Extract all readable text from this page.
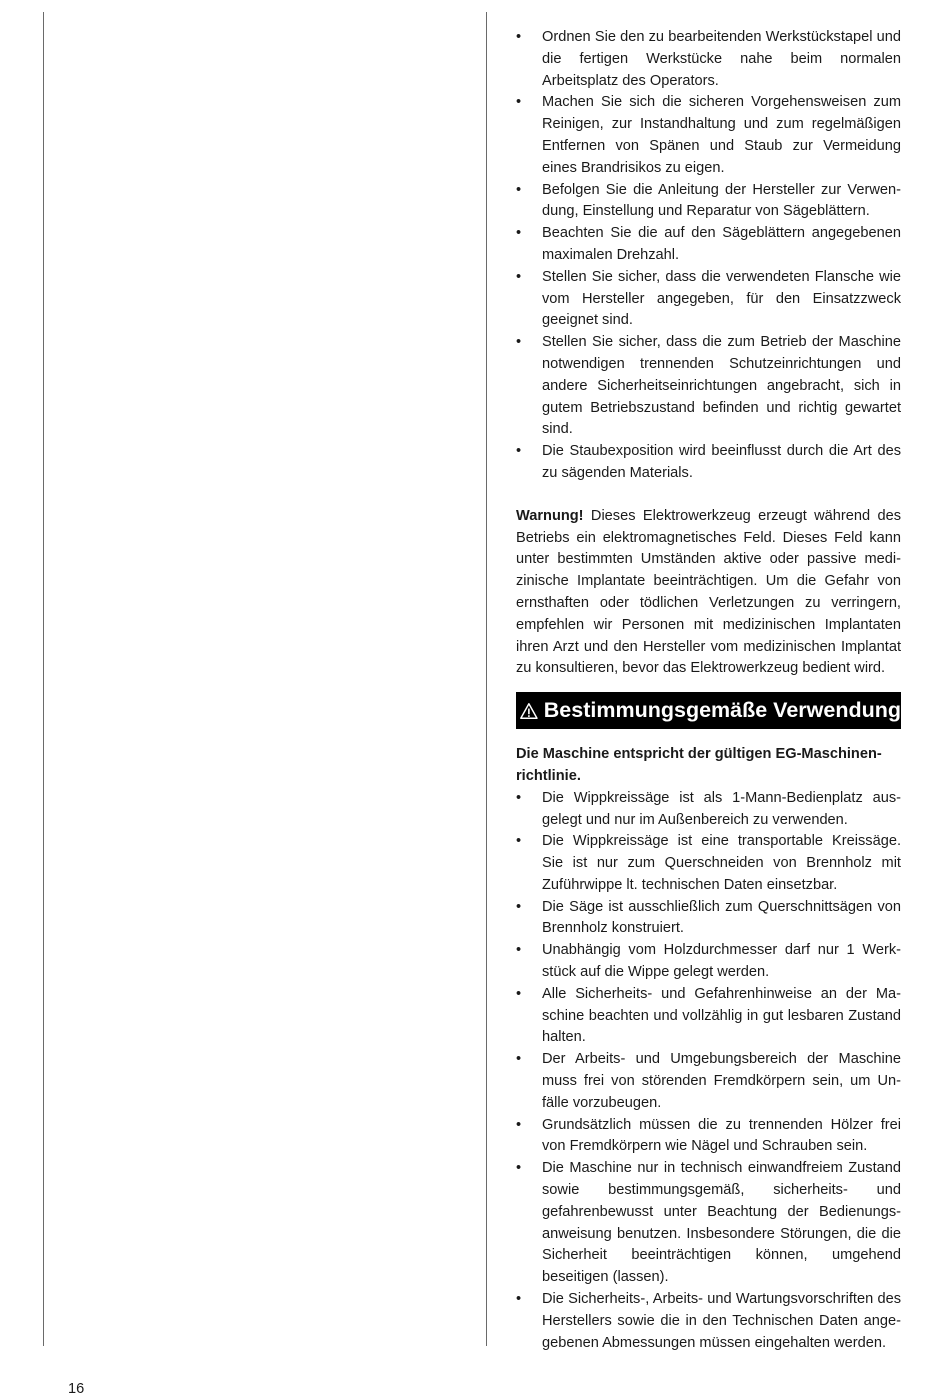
• Ordnen Sie den zu bearbeitenden Werkstückstapel und die fertigen Werkstücke nahe beim normalen Arbeitsplatz des Operators.
• Machen Sie sich die sicheren Vorgehensweisen zum Reinigen, zur Instandhaltung und zum regelmäßigen Entfernen von Spänen und Staub zur Vermeidung eines Brandrisikos zu eigen.
• Befolgen Sie die Anleitung der Hersteller zur Verwendung, Einstellung und Reparatur von Sägeblättern.
• Beachten Sie die auf den Sägeblättern angegebenen maximalen Drehzahl.
• Stellen Sie sicher, dass die verwendeten Flansche wie vom Hersteller angegeben, für den Einsatzzweck geeignet sind.
• Stellen Sie sicher, dass die zum Betrieb der Maschine notwendigen trennenden Schutzeinrichtungen und andere Sicherheitseinrichtungen angebracht, sich in gutem Betriebszustand befinden und richtig gewartet sind.
• Die Staubexposition wird beeinflusst durch die Art des zu sägenden Materials.

Warnung! Dieses Elektrowerkzeug erzeugt während des Betriebs ein elektromagnetisches Feld. Dieses Feld kann unter bestimmten Umständen aktive oder passive medizinische Implantate beeinträchtigen. Um die Gefahr von ernsthaften oder tödlichen Verletzungen zu verringern, empfehlen wir Personen mit medizinischen Implantaten ihren Arzt und den Hersteller vom medizinischen Implantat zu konsultieren, bevor das Elektrowerkzeug bedient wird.

Bestimmungsgemäße Verwendung
Die Maschine entspricht der gültigen EG-Maschinenrichtlinie.
• Die Wippkreissäge ist als 1-Mann-Bedienplatz ausgelegt und nur im Außenbereich zu verwenden.
• Die Wippkreissäge ist eine transportable Kreissäge. Sie ist nur zum Querschneiden von Brennholz mit Zuführwippe lt. technischen Daten einsetzbar.
• Die Säge ist ausschließlich zum Querschnittsägen von Brennholz konstruiert.
• Unabhängig vom Holzdurchmesser darf nur 1 Werkstück auf die Wippe gelegt werden.
• Alle Sicherheits- und Gefahrenhinweise an der Maschine beachten und vollzählig in gut lesbaren Zustand halten.
• Der Arbeits- und Umgebungsbereich der Maschine muss frei von störenden Fremdkörpern sein, um Unfälle vorzubeugen.
• Grundsätzlich müssen die zu trennenden Hölzer frei von Fremdkörpern wie Nägel und Schrauben sein.
• Die Maschine nur in technisch einwandfreiem Zustand sowie bestimmungsgemäß, sicherheits- und gefahrenbewusst unter Beachtung der Bedienungsanweisung benutzen. Insbesondere Störungen, die die Sicherheit beeinträchtigen können, umgehend beseitigen (lassen).
• Die Sicherheits-, Arbeits- und Wartungsvorschriften des Herstellers sowie die in den Technischen Daten angegebenen Abmessungen müssen eingehalten werden.
16
